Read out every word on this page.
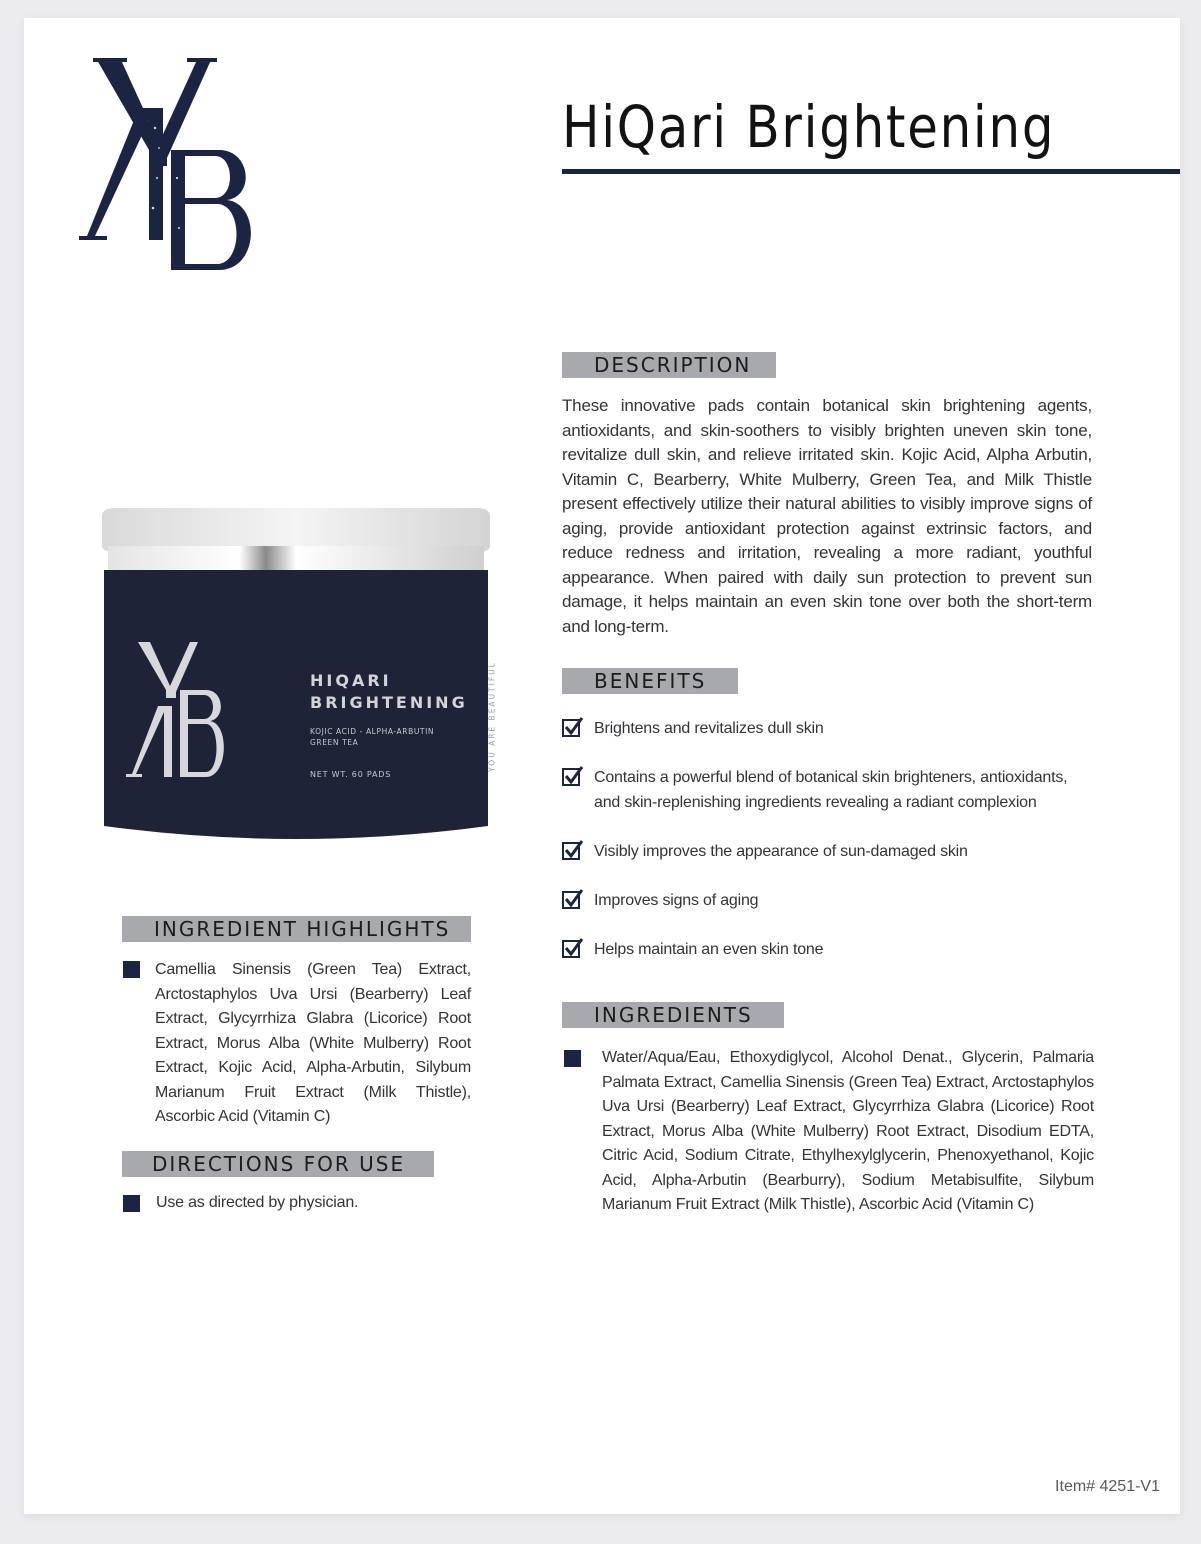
HiQari Brightening
HIQARI
BRIGHTENING
KOJIC ACID - ALPHA-ARBUTIN
GREEN TEA
NET WT. 60 PADS
YOU ARE BEAUTIFUL
DESCRIPTION
These innovative pads contain botanical skin brightening agents, antioxidants, and skin-soothers to visibly brighten uneven skin tone, revitalize dull skin, and relieve irritated skin. Kojic Acid, Alpha Arbutin, Vitamin C, Bearberry, White Mulberry, Green Tea, and Milk Thistle present effectively utilize their natural abilities to visibly improve signs of aging, provide antioxidant protection against extrinsic factors, and reduce redness and irritation, revealing a more radiant, youthful appearance. When paired with daily sun protection to prevent sun damage, it helps maintain an even skin tone over both the short-term and long-term.
BENEFITS
Brightens and revitalizes dull skin
Contains a powerful blend of botanical skin brighteners, antioxidants, and skin-replenishing ingredients revealing a radiant complexion
Visibly improves the appearance of sun-damaged skin
Improves signs of aging
Helps maintain an even skin tone
INGREDIENTS
Water/Aqua/Eau, Ethoxydiglycol, Alcohol Denat., Glycerin, Palmaria Palmata Extract, Camellia Sinensis (Green Tea) Extract, Arctostaphylos Uva Ursi (Bearberry) Leaf Extract, Glycyrrhiza Glabra (Licorice) Root Extract, Morus Alba (White Mulberry) Root Extract, Disodium EDTA, Citric Acid, Sodium Citrate, Ethylhexylglycerin, Phenoxyethanol, Kojic Acid, Alpha-Arbutin (Bearburry), Sodium Metabisulfite, Silybum Marianum Fruit Extract (Milk Thistle), Ascorbic Acid (Vitamin C)
INGREDIENT HIGHLIGHTS
Camellia Sinensis (Green Tea) Extract, Arctostaphylos Uva Ursi (Bearberry) Leaf Extract, Glycyrrhiza Glabra (Licorice) Root Extract, Morus Alba (White Mulberry) Root Extract, Kojic Acid, Alpha-Arbutin, Silybum Marianum Fruit Extract (Milk Thistle), Ascorbic Acid (Vitamin C)
DIRECTIONS FOR USE
Use as directed by physician.
Item# 4251-V1
